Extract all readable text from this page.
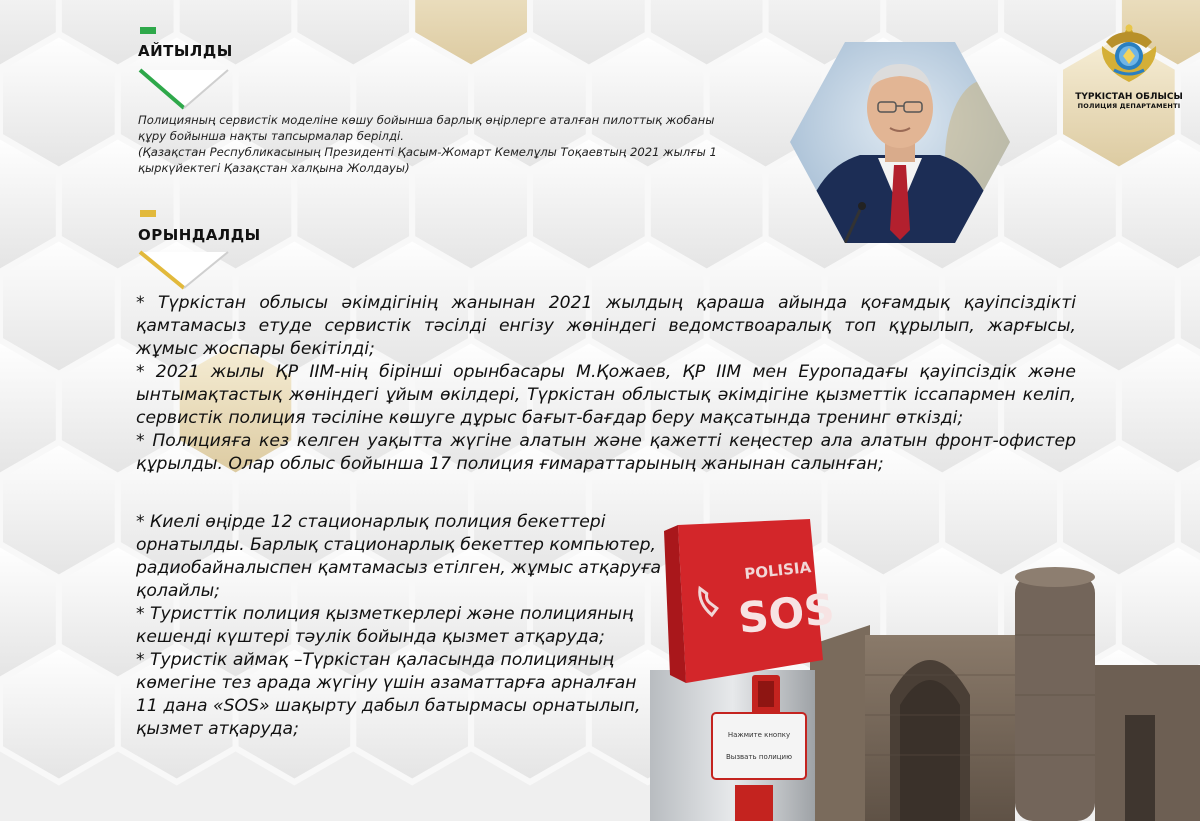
ТҮРКІСТАН ОБЛЫСЫ
ПОЛИЦИЯ ДЕПАРТАМЕНТІ
АЙТЫЛДЫ

Полицияның сервистік моделіне көшу бойынша барлық өңірлерге аталған пилоттық жобаны құру бойынша нақты тапсырмалар берілді.
(Қазақстан Республикасының Президенті Қасым-Жомарт Кемелұлы Тоқаевтың 2021 жылғы 1 қыркүйектегі Қазақстан халқына Жолдауы)

ОРЫНДАЛДЫ

* Түркістан облысы әкімдігінің жанынан 2021 жылдың қараша айында қоғамдық қауіпсіздікті қамтамасыз етуде сервистік тәсілді енгізу жөніндегі ведомствоаралық топ құрылып, жарғысы, жұмыс жоспары бекітілді;

* 2021 жылы ҚР ІІМ-нің бірінші орынбасары М.Қожаев, ҚР ІІМ мен Еуропадағы қауіпсіздік және ынтымақтастық жөніндегі ұйым өкілдері, Түркістан облыстық әкімдігіне қызметтік іссапармен келіп, сервистік полиция тәсіліне көшуге дұрыс бағыт-бағдар беру мақсатында тренинг өткізді;

* Полицияға кез келген уақытта жүгіне алатын және қажетті кеңестер ала алатын фронт-офистер құрылды. Олар облыс бойынша 17 полиция ғимараттарының жанынан салынған;

* Киелі өңірде 12 стационарлық полиция бекеттері орнатылды. Барлық стационарлық бекеттер компьютер, радиобайналыспен қамтамасыз етілген, жұмыс атқаруға қолайлы;

* Туристтік полиция қызметкерлері және полицияның кешенді күштері тәулік бойында қызмет атқаруда;

* Туристік аймақ –Түркістан қаласында полицияның көмегіне тез арада жүгіну үшін азаматтарға арналған 11 дана «SOS» шақырту дабыл батырмасы орнатылып, қызмет атқаруда;	Нажмите кнопку
Вызвать полицию
POLISIA
SOS
